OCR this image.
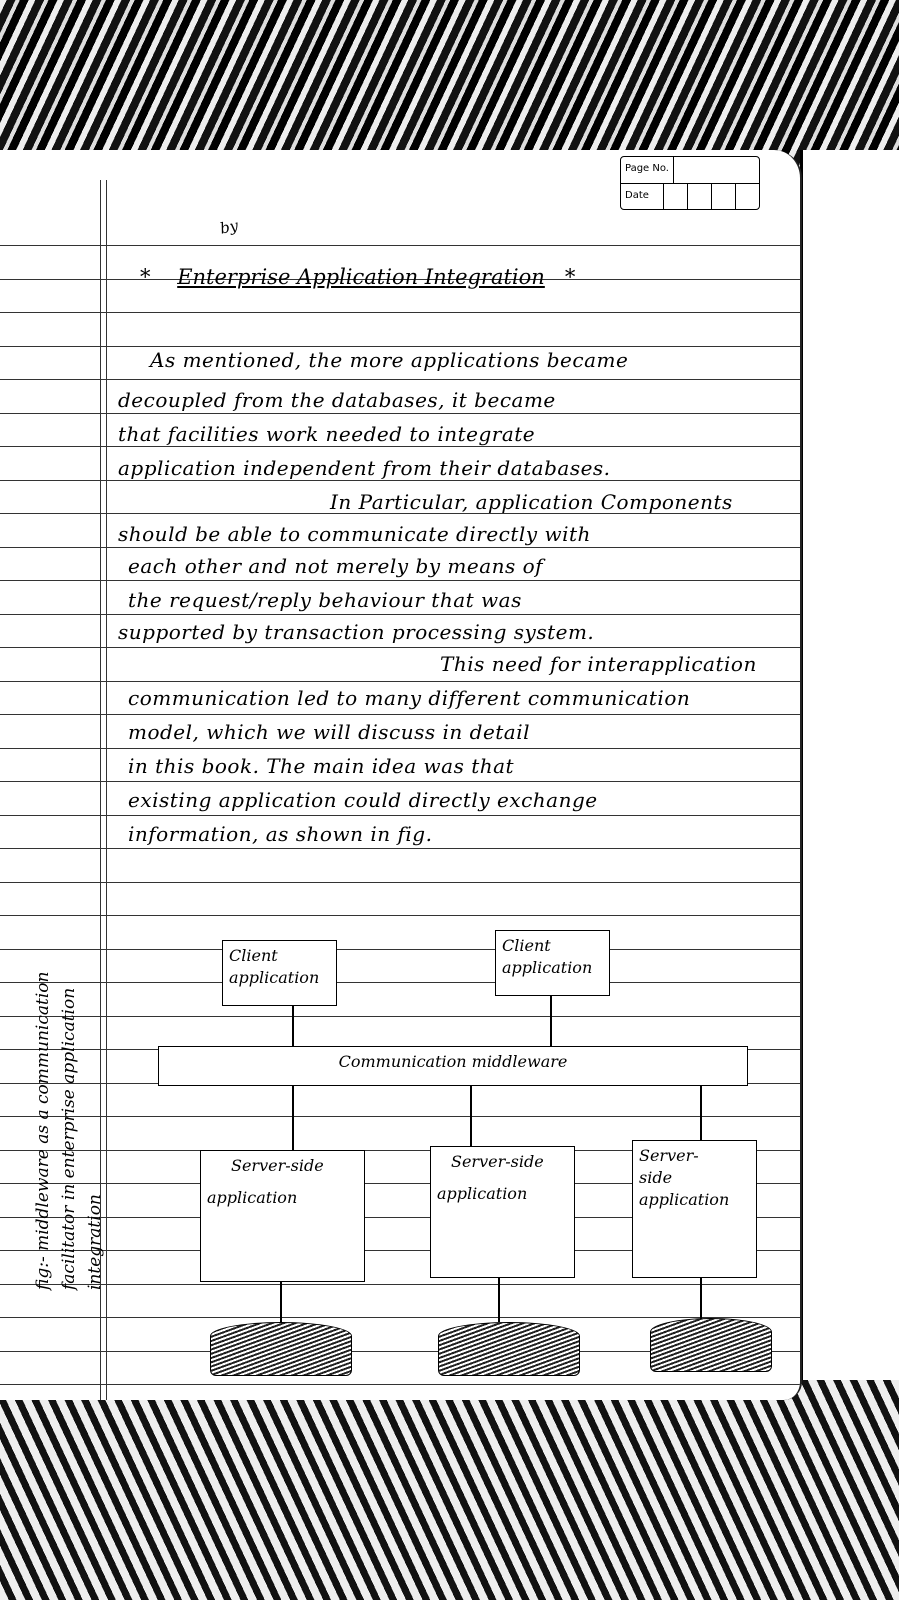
Page No.
Date
by
* Enterprise Application Integration *
As mentioned, the more applications became
decoupled from the databases, it became
that facilities work needed to integrate
application independent from their databases.
In Particular, application Components
should be able to communicate directly with
each other and not merely by means of
the request/reply behaviour that was
supported by transaction processing system.
This need for interapplication
communication led to many different communication
model, which we will discuss in detail
in this book. The main idea was that
existing application could directly exchange
information, as shown in fig.
fig:- middleware as a communication facilitator in enterprise application integration
Client
application
Client
application
Communication middleware
Server-side
application
Server-side
application
Server-
side
application
